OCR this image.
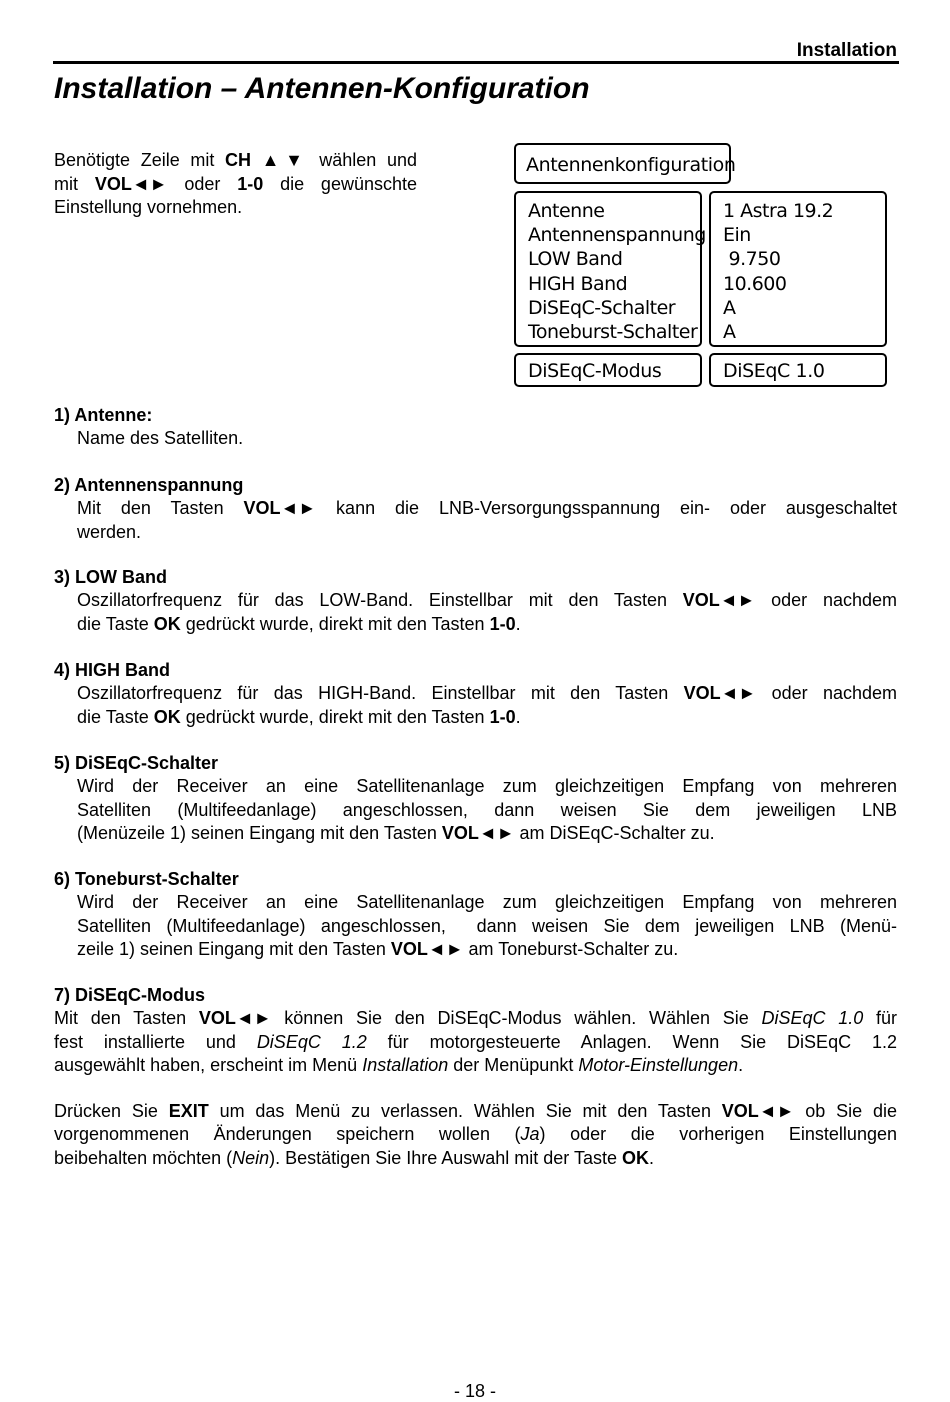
Installation
Installation – Antennen-Konfiguration
Benötigte Zeile mit CH ▲▼ wählen und
mit VOL◄► oder 1-0 die gewünschte
Einstellung vornehmen.
Antennenkonfiguration
Antenne
Antennenspannung
LOW Band
HIGH Band
DiSEqC-Schalter
Toneburst-Schalter
1 Astra 19.2
Ein
9.750
10.600
A
A
DiSEqC-Modus	DiSEqC 1.0
1) Antenne:
Name des Satelliten.
2) Antennenspannung
Mit den Tasten VOL◄► kann die LNB-Versorgungsspannung ein- oder ausgeschaltet
werden.
3) LOW Band
Oszillatorfrequenz für das LOW-Band. Einstellbar mit den Tasten VOL◄► oder nachdem
die Taste OK gedrückt wurde, direkt mit den Tasten 1-0.
4) HIGH Band
Oszillatorfrequenz für das HIGH-Band. Einstellbar mit den Tasten VOL◄► oder nachdem
die Taste OK gedrückt wurde, direkt mit den Tasten 1-0.
5) DiSEqC-Schalter
Wird der Receiver an eine Satellitenanlage zum gleichzeitigen Empfang von mehreren
Satelliten (Multifeedanlage) angeschlossen, dann weisen Sie dem jeweiligen LNB
(Menüzeile 1) seinen Eingang mit den Tasten VOL◄► am DiSEqC-Schalter zu.
6) Toneburst-Schalter
Wird der Receiver an eine Satellitenanlage zum gleichzeitigen Empfang von mehreren
Satelliten (Multifeedanlage) angeschlossen,  dann weisen Sie dem jeweiligen LNB (Menü-
zeile 1) seinen Eingang mit den Tasten VOL◄► am Toneburst-Schalter zu.
7) DiSEqC-Modus
Mit den Tasten VOL◄► können Sie den DiSEqC-Modus wählen. Wählen Sie DiSEqC 1.0 für
fest installierte und DiSEqC 1.2 für motorgesteuerte Anlagen. Wenn Sie DiSEqC 1.2
ausgewählt haben, erscheint im Menü Installation der Menüpunkt Motor-Einstellungen.
Drücken Sie EXIT um das Menü zu verlassen. Wählen Sie mit den Tasten VOL◄► ob Sie die
vorgenommenen Änderungen speichern wollen (Ja) oder die vorherigen Einstellungen
beibehalten möchten (Nein). Bestätigen Sie Ihre Auswahl mit der Taste OK.
- 18 -
